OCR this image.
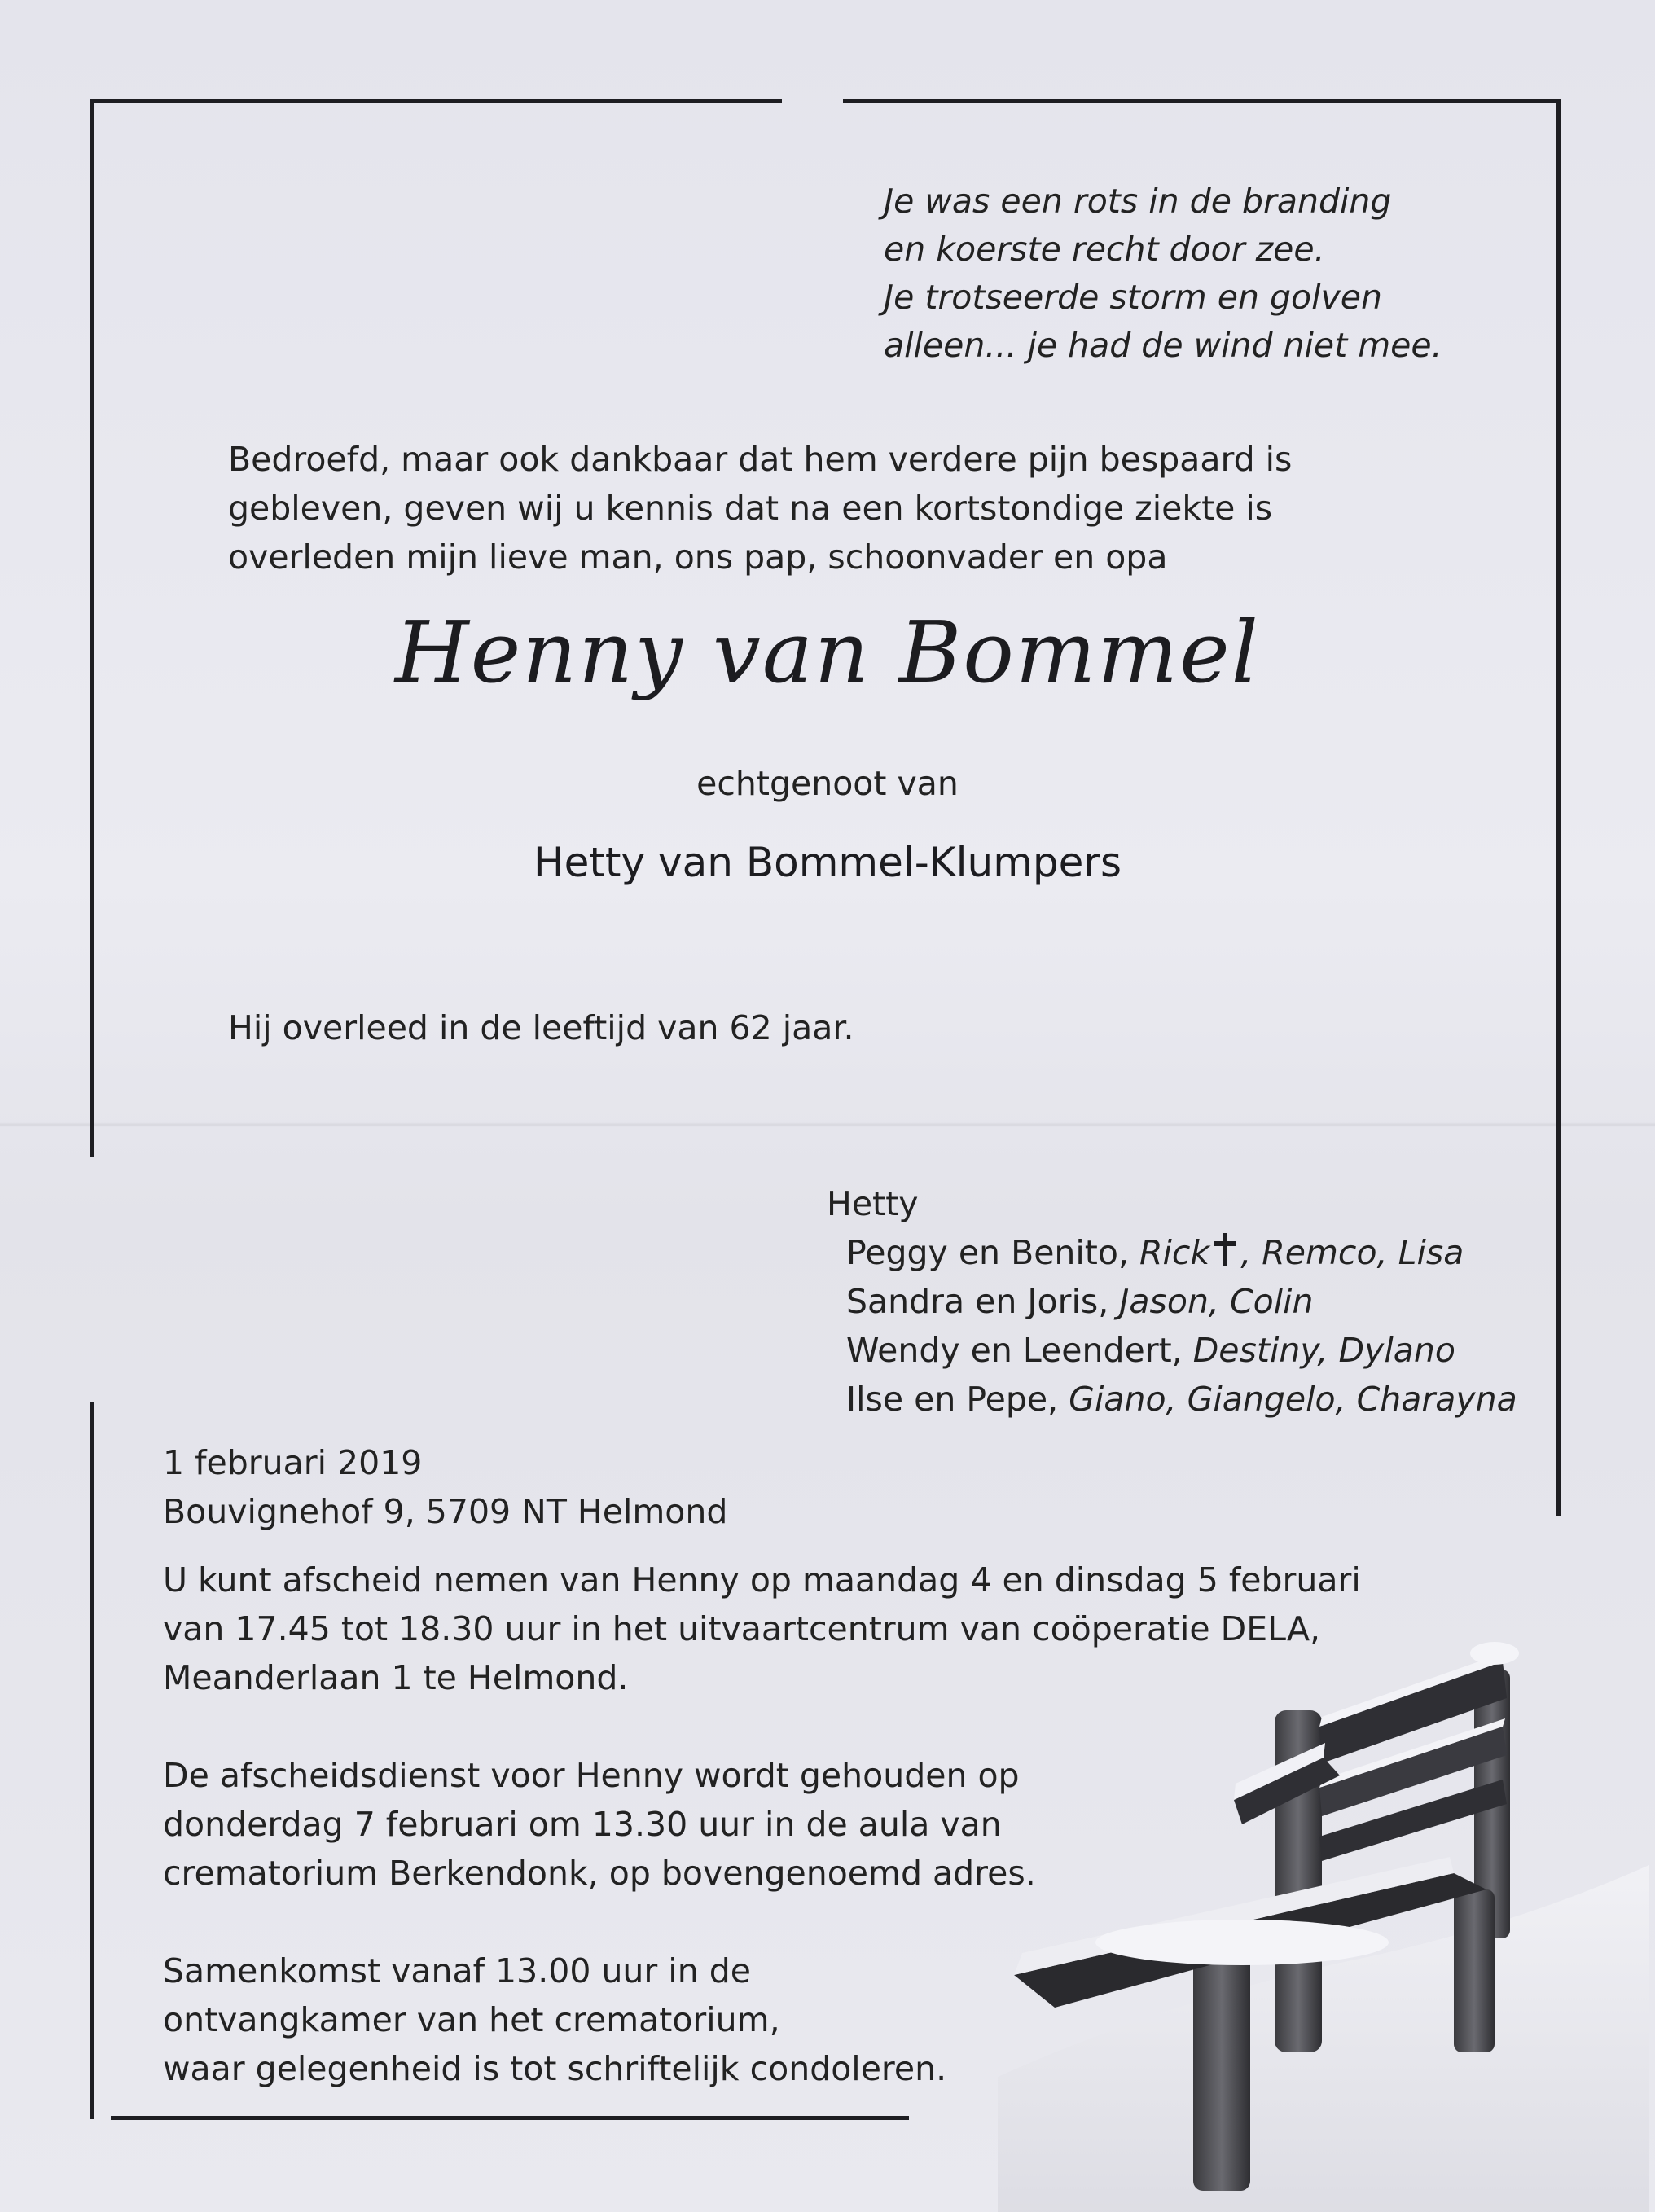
Je was een rots in de branding
en koerste recht door zee.
Je trotseerde storm en golven
alleen... je had de wind niet mee.
Bedroefd, maar ook dankbaar dat hem verdere pijn bespaard is
gebleven, geven wij u kennis dat na een kortstondige ziekte is
overleden mijn lieve man, ons pap, schoonvader en opa
Henny van Bommel
echtgenoot van
Hetty van Bommel-Klumpers
Hij overleed in de leeftijd van 62 jaar.
Hetty
Peggy en Benito, Rick , Remco, Lisa
Sandra en Joris, Jason, Colin
Wendy en Leendert, Destiny, Dylano
Ilse en Pepe, Giano, Giangelo, Charayna
1 februari 2019
Bouvignehof 9, 5709 NT Helmond
U kunt afscheid nemen van Henny op maandag 4 en dinsdag 5 februari
van 17.45 tot 18.30 uur in het uitvaartcentrum van coöperatie DELA,
Meanderlaan 1 te Helmond.
De afscheidsdienst voor Henny wordt gehouden op
donderdag 7 februari om 13.30 uur in de aula van
crematorium Berkendonk, op bovengenoemd adres.
Samenkomst vanaf 13.00 uur in de
ontvangkamer van het crematorium,
waar gelegenheid is tot schriftelijk condoleren.
